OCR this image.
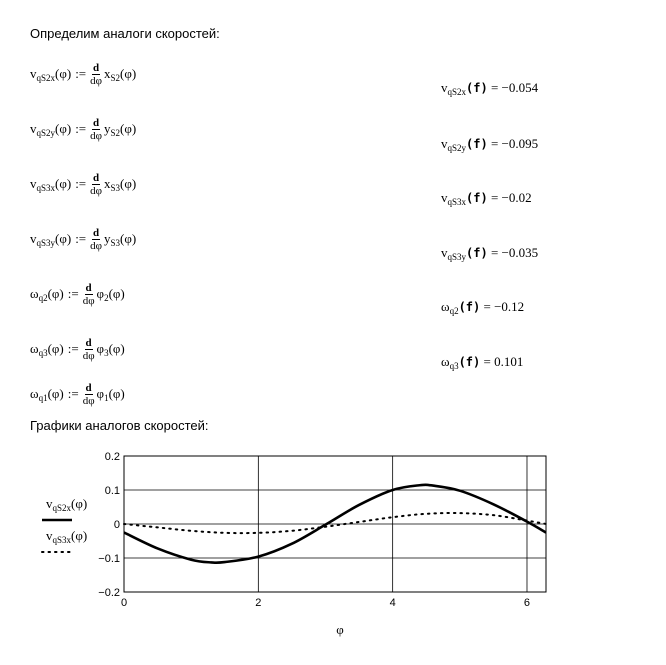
Определим аналоги скоростей:
$v_{qS2x}(\varphi)$ := $\frac{d}{d\varphi} x_{S2}(\varphi)$
$v_{qS2y}(\varphi)$ := $\frac{d}{d\varphi} y_{S2}(\varphi)$
$v_{qS3x}(\varphi)$ := $\frac{d}{d\varphi} x_{S3}(\varphi)$
$v_{qS3y}(\varphi)$ := $\frac{d}{d\varphi} y_{S3}(\varphi)$
$\omega_{q2}(\varphi)$ := $\frac{d}{d\varphi} \varphi_2(\varphi)$
$\omega_{q3}(\varphi)$ := $\frac{d}{d\varphi} \varphi_3(\varphi)$
$\omega_{q1}(\varphi)$ := $\frac{d}{d\varphi} \varphi_1(\varphi)$
$v_{qS2x}(f) = -0.054$
$v_{qS2y}(f) = -0.095$
$v_{qS3x}(f) = -0.02$
$v_{qS3y}(f) = -0.035$
$\omega_{q2}(f) = -0.12$
$\omega_{q3}(f) = 0.101$
Графики аналогов скоростей:
0.2
0.1
0
−0.1
−0.2
0	2	4	6
φ
$v_{qS2x}(\varphi)$
$v_{qS3x}(\varphi)$
